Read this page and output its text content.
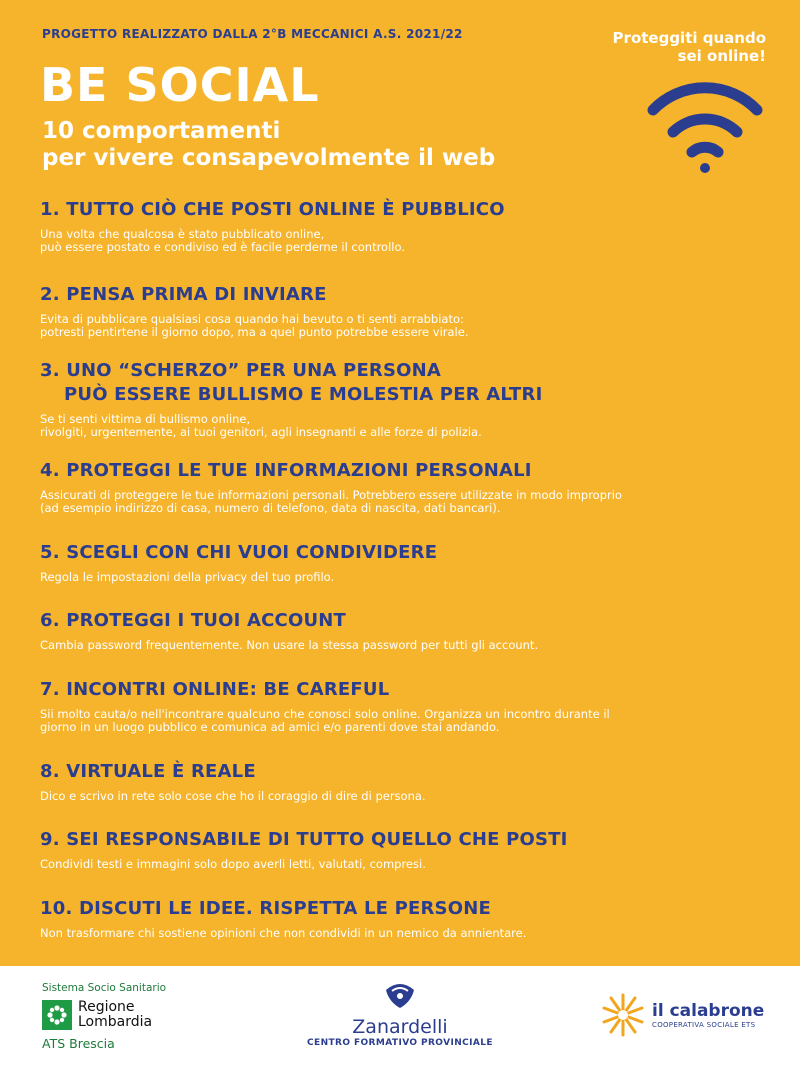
PROGETTO REALIZZATO DALLA 2°B MECCANICI A.S. 2021/22
BE SOCIAL
10 comportamenti
per vivere consapevolmente il web
Proteggiti quando
sei online!
1. TUTTO CIÒ CHE POSTI ONLINE È PUBBLICO

Una volta che qualcosa è stato pubblicato online,
può essere postato e condiviso ed è facile perderne il controllo.

2. PENSA PRIMA DI INVIARE

Evita di pubblicare qualsiasi cosa quando hai bevuto o ti senti arrabbiato:
potresti pentirtene il giorno dopo, ma a quel punto potrebbe essere virale.

3. UNO “SCHERZO” PER UNA PERSONA
PUÒ ESSERE BULLISMO E MOLESTIA PER ALTRI

Se ti senti vittima di bullismo online,
rivolgiti, urgentemente, ai tuoi genitori, agli insegnanti e alle forze di polizia.

4. PROTEGGI LE TUE INFORMAZIONI PERSONALI

Assicurati di proteggere le tue informazioni personali. Potrebbero essere utilizzate in modo improprio
(ad esempio indirizzo di casa, numero di telefono, data di nascita, dati bancari).

5. SCEGLI CON CHI VUOI CONDIVIDERE

Regola le impostazioni della privacy del tuo profilo.

6. PROTEGGI I TUOI ACCOUNT

Cambia password frequentemente. Non usare la stessa password per tutti gli account.

7. INCONTRI ONLINE: BE CAREFUL

Sii molto cauta/o nell'incontrare qualcuno che conosci solo online. Organizza un incontro durante il
giorno in un luogo pubblico e comunica ad amici e/o parenti dove stai andando.

8. VIRTUALE È REALE

Dico e scrivo in rete solo cose che ho il coraggio di dire di persona.

9. SEI RESPONSABILE DI TUTTO QUELLO CHE POSTI

Condividi testi e immagini solo dopo averli letti, valutati, compresi.

10. DISCUTI LE IDEE. RISPETTA LE PERSONE

Non trasformare chi sostiene opinioni che non condividi in un nemico da annientare.

Sistema Socio Sanitario
Regione
Lombardia
ATS Brescia
Zanardelli
CENTRO FORMATIVO PROVINCIALE
il calabrone
COOPERATIVA SOCIALE ETS
